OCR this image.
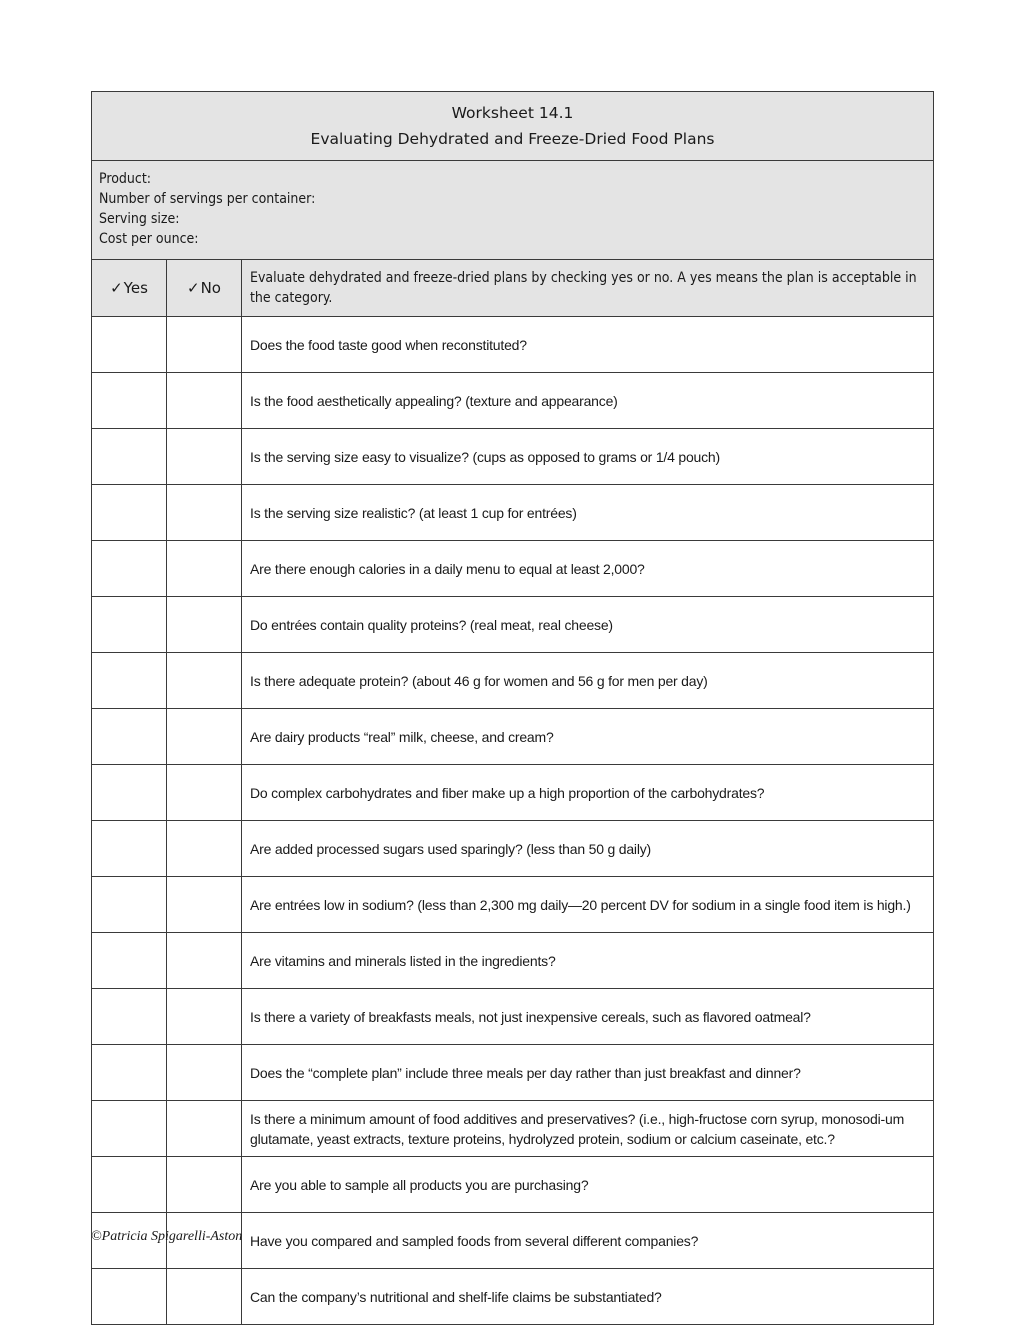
Worksheet 14.1
Evaluating Dehydrated and Freeze-Dried Food Plans		

Product:
Number of servings per container:
Serving size:
Cost per ounce:		

✓Yes	✓No	Evaluate dehydrated and freeze-dried plans by checking yes or no. A yes means the plan is acceptable in the category.
		Does the food taste good when reconstituted?
		Is the food aesthetically appealing? (texture and appearance)
		Is the serving size easy to visualize? (cups as opposed to grams or 1/4 pouch)
		Is the serving size realistic? (at least 1 cup for entrées)
		Are there enough calories in a daily menu to equal at least 2,000?
		Do entrées contain quality proteins? (real meat, real cheese)
		Is there adequate protein? (about 46 g for women and 56 g for men per day)
		Are dairy products “real” milk, cheese, and cream?
		Do complex carbohydrates and fiber make up a high proportion of the carbohydrates?
		Are added processed sugars used sparingly? (less than 50 g daily)
		Are entrées low in sodium? (less than 2,300 mg daily—20 percent DV for sodium in a single food item is high.)
		Are vitamins and minerals listed in the ingredients?
		Is there a variety of breakfasts meals, not just inexpensive cereals, such as flavored oatmeal?
		Does the “complete plan” include three meals per day rather than just breakfast and dinner?
		Is there a minimum amount of food additives and preservatives? (i.e., high-fructose corn syrup, monosodi-um glutamate, yeast extracts, texture proteins, hydrolyzed protein, sodium or calcium caseinate, etc.?
		Are you able to sample all products you are purchasing?
		Have you compared and sampled foods from several different companies?
		Can the company’s nutritional and shelf-life claims be substantiated?
©Patricia Spigarelli-Aston
